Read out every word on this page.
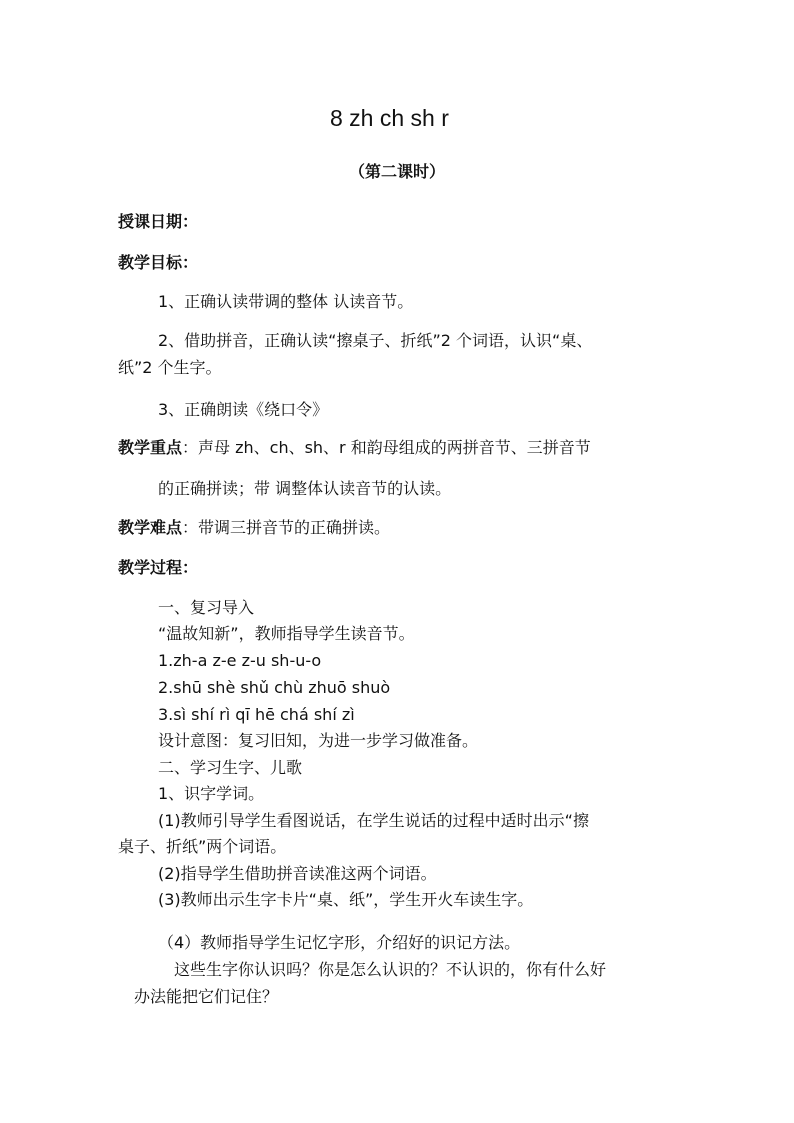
8 zh ch sh r
（第二课时）
授课日期：
教学目标：
1、正确认读带调的整体 认读音节。
2、借助拼音，正确认读“擦桌子、折纸”2 个词语，认识“桌、
纸”2 个生字。
3、正确朗读《绕口令》
教学重点：声母 zh、ch、sh、r 和韵母组成的两拼音节、三拼音节
的正确拼读；带 调整体认读音节的认读。
教学难点：带调三拼音节的正确拼读。
教学过程：
一、复习导入
“温故知新”，教师指导学生读音节。
1.zh-a z-e z-u sh-u-o
2.shū shè shǔ chù zhuō shuò
3.sì shí rì qī hē chá shí zì
设计意图：复习旧知，为进一步学习做准备。
二、学习生字、儿歌
1、识字学词。
(1)教师引导学生看图说话，在学生说话的过程中适时出示“擦
桌子、折纸”两个词语。
(2)指导学生借助拼音读准这两个词语。
(3)教师出示生字卡片“桌、纸”，学生开火车读生字。
（4）教师指导学生记忆字形，介绍好的识记方法。
这些生字你认识吗？你是怎么认识的？不认识的，你有什么好
办法能把它们记住？
